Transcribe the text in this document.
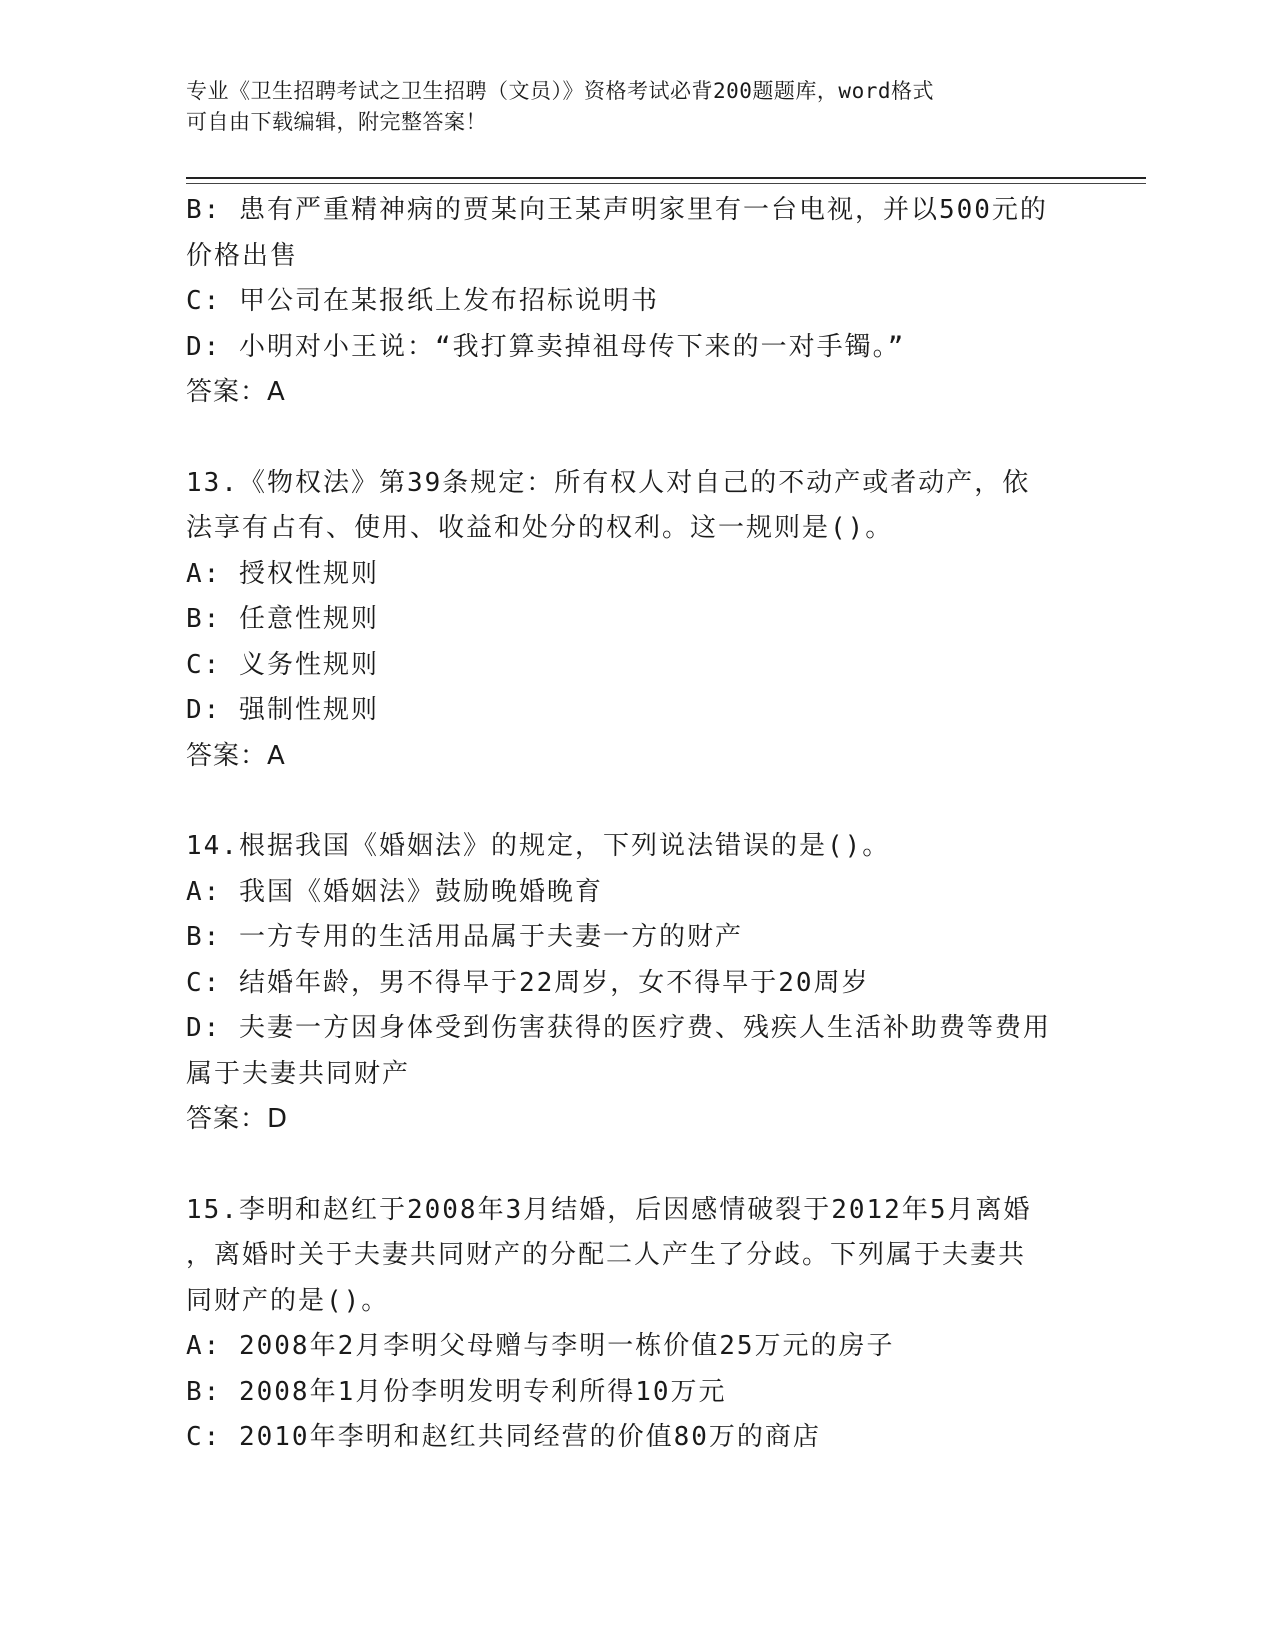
专业《卫生招聘考试之卫生招聘（文员）》资格考试必背200题题库，word格式
可自由下载编辑，附完整答案！
B: 患有严重精神病的贾某向王某声明家里有一台电视，并以500元的
价格出售
C: 甲公司在某报纸上发布招标说明书
D: 小明对小王说：“我打算卖掉祖母传下来的一对手镯。”
答案：A
13.《物权法》第39条规定：所有权人对自己的不动产或者动产，依
法享有占有、使用、收益和处分的权利。这一规则是()。
A: 授权性规则
B: 任意性规则
C: 义务性规则
D: 强制性规则
答案：A
14.根据我国《婚姻法》的规定，下列说法错误的是()。
A: 我国《婚姻法》鼓励晚婚晚育
B: 一方专用的生活用品属于夫妻一方的财产
C: 结婚年龄，男不得早于22周岁，女不得早于20周岁
D: 夫妻一方因身体受到伤害获得的医疗费、残疾人生活补助费等费用
属于夫妻共同财产
答案：D
15.李明和赵红于2008年3月结婚，后因感情破裂于2012年5月离婚
，离婚时关于夫妻共同财产的分配二人产生了分歧。下列属于夫妻共
同财产的是()。
A: 2008年2月李明父母赠与李明一栋价值25万元的房子
B: 2008年1月份李明发明专利所得10万元
C: 2010年李明和赵红共同经营的价值80万的商店
